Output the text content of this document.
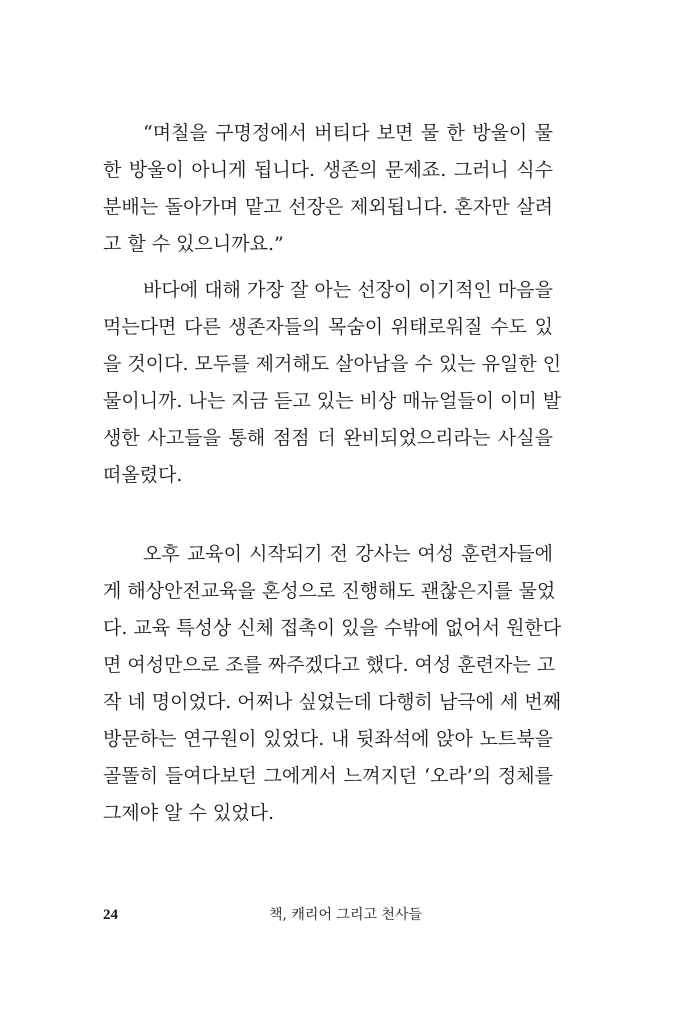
“며칠을 구명정에서 버티다 보면 물 한 방울이 물
한 방울이 아니게 됩니다. 생존의 문제죠. 그러니 식수
분배는 돌아가며 맡고 선장은 제외됩니다. 혼자만 살려
고 할 수 있으니까요.”
바다에 대해 가장 잘 아는 선장이 이기적인 마음을
먹는다면 다른 생존자들의 목숨이 위태로워질 수도 있
을 것이다. 모두를 제거해도 살아남을 수 있는 유일한 인
물이니까. 나는 지금 듣고 있는 비상 매뉴얼들이 이미 발
생한 사고들을 통해 점점 더 완비되었으리라는 사실을
떠올렸다.
오후 교육이 시작되기 전 강사는 여성 훈련자들에
게 해상안전교육을 혼성으로 진행해도 괜찮은지를 물었
다. 교육 특성상 신체 접촉이 있을 수밖에 없어서 원한다
면 여성만으로 조를 짜주겠다고 했다. 여성 훈련자는 고
작 네 명이었다. 어쩌나 싶었는데 다행히 남극에 세 번째
방문하는 연구원이 있었다. 내 뒷좌석에 앉아 노트북을
골똘히 들여다보던 그에게서 느껴지던 ‘오라’의 정체를
그제야 알 수 있었다.
24	책, 캐리어 그리고 천사들
